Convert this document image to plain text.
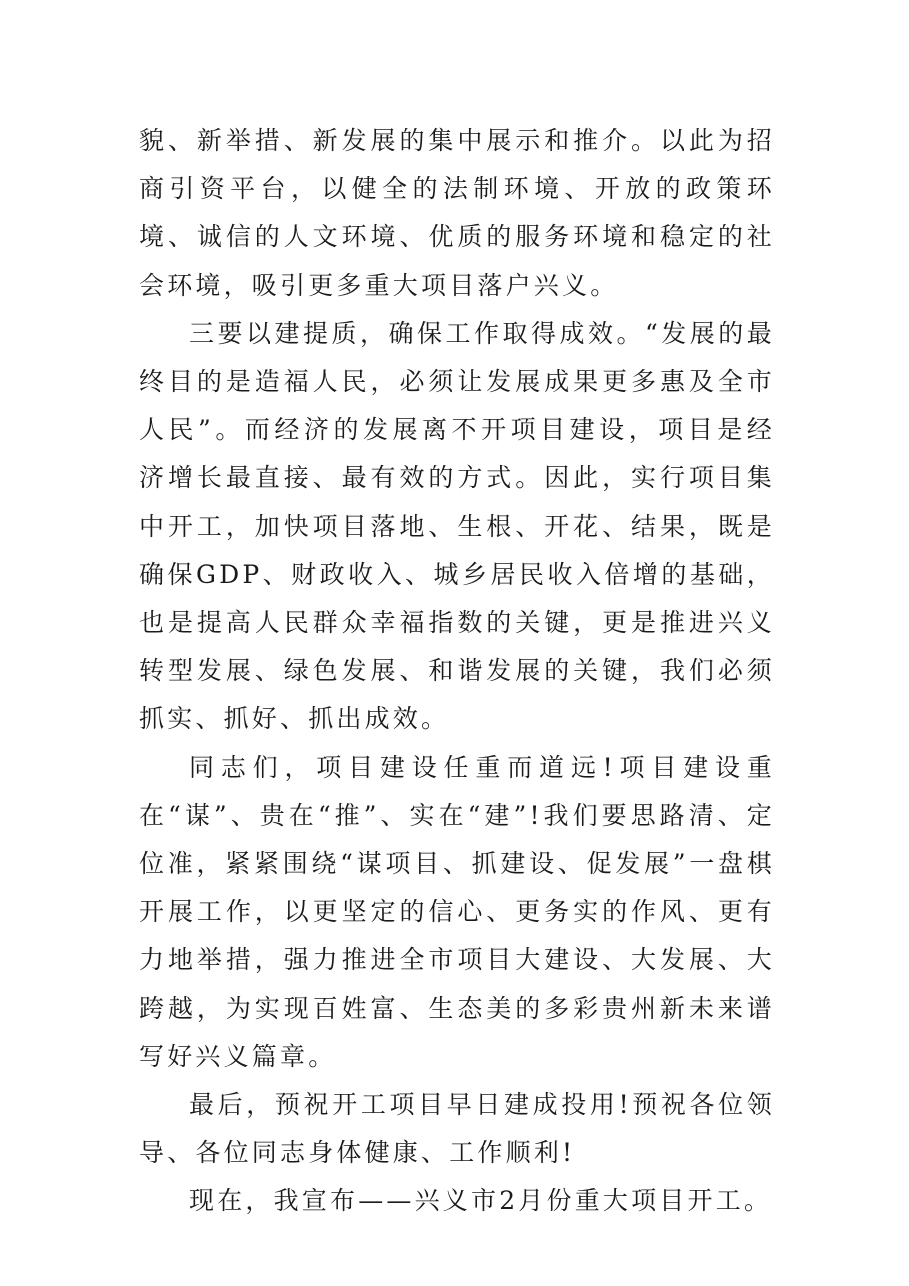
貌、新举措、新发展的集中展示和推介。以此为招商引资平台，以健全的法制环境、开放的政策环境、诚信的人文环境、优质的服务环境和稳定的社会环境，吸引更多重大项目落户兴义。

三要以建提质，确保工作取得成效。“发展的最终目的是造福人民，必须让发展成果更多惠及全市人民”。而经济的发展离不开项目建设，项目是经济增长最直接、最有效的方式。因此，实行项目集中开工，加快项目落地、生根、开花、结果，既是确保GDP、财政收入、城乡居民收入倍增的基础，也是提高人民群众幸福指数的关键，更是推进兴义转型发展、绿色发展、和谐发展的关键，我们必须抓实、抓好、抓出成效。

同志们，项目建设任重而道远!项目建设重在“谋”、贵在“推”、实在“建”!我们要思路清、定位准，紧紧围绕“谋项目、抓建设、促发展”一盘棋开展工作，以更坚定的信心、更务实的作风、更有力地举措，强力推进全市项目大建设、大发展、大跨越，为实现百姓富、生态美的多彩贵州新未来谱写好兴义篇章。

最后，预祝开工项目早日建成投用!预祝各位领导、各位同志身体健康、工作顺利!

现在，我宣布——兴义市2月份重大项目开工。
